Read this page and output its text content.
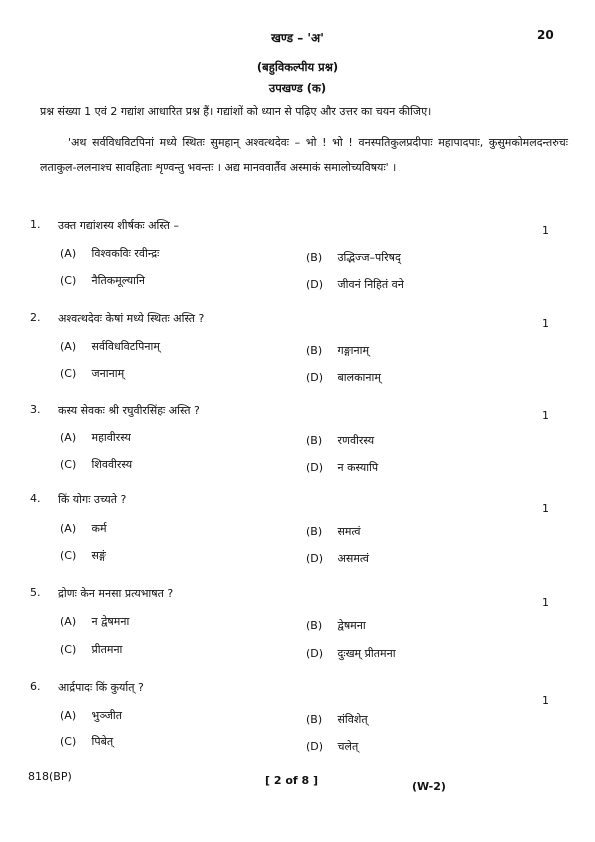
20
खण्ड – 'अ'
(बहुविकल्पीय प्रश्न)
उपखण्ड (क)
प्रश्न संख्या 1 एवं 2 गद्यांश आधारित प्रश्न हैं। गद्यांशों को ध्यान से पढ़िए और उत्तर का चयन कीजिए।
'अथ सर्वविधविटपिनां मध्ये स्थितः सुमहान् अश्वत्थदेवः – भो ! भो ! वनस्पतिकुलप्रदीपाः महापादपाः, कुसुमकोमलदन्तरुचः लताकुल-ललनाश्च सावहिताः शृण्वन्तु भवन्तः । अद्य मानववार्तैव अस्माकं समालोच्यविषयः' ।
1. उक्त गद्यांशस्य शीर्षकः अस्ति –	1
(A) विश्वकविः रवीन्द्रः	(B) उद्भिज्ज–परिषद्
(C) नैतिकमूल्यानि	(D) जीवनं निहितं वने
2. अश्वत्थदेवः केषां मध्ये स्थितः अस्ति ?	1
(A) सर्वविधविटपिनाम्	(B) गङ्गानाम्
(C) जनानाम्	(D) बालकानाम्
3. कस्य सेवकः श्री रघुवीरसिंहः अस्ति ?	1
(A) महावीरस्य	(B) रणवीरस्य
(C) शिववीरस्य	(D) न कस्यापि
4. किं योगः उच्यते ?
1
(A) कर्म	(B) समत्वं
(C) सङ्गं	(D) असमत्वं
5. द्रोणः केन मनसा प्रत्यभाषत ?
1
(A) न द्वेषमना	(B) द्वेषमना
(C) प्रीतमना	(D) दुःखम् प्रीतमना
6. आर्द्रपादः किं कुर्यात् ?
1
(A) भुञ्जीत	(B) संविशेत्
(C) पिबेत्	(D) चलेत्
818(BP)	[ 2 of 8 ]	(W-2)
